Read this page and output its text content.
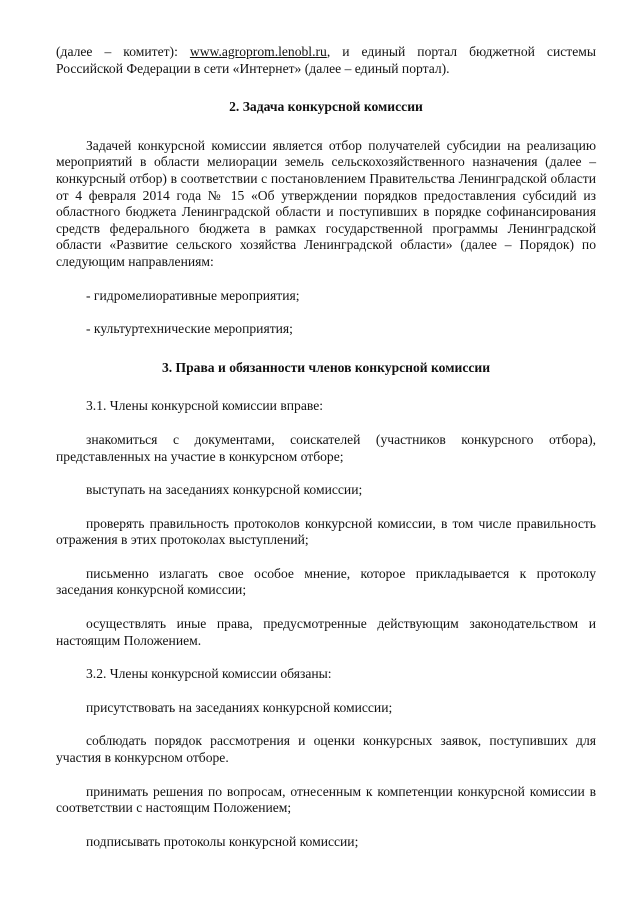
(далее – комитет): www.agroprom.lenobl.ru, и единый портал бюджетной системы Российской Федерации в сети «Интернет» (далее – единый портал).

2. Задача конкурсной комиссии

Задачей конкурсной комиссии является отбор получателей субсидии на реализацию мероприятий в области мелиорации земель сельскохозяйственного назначения (далее – конкурсный отбор) в соответствии с постановлением Правительства Ленинградской области от 4 февраля 2014 года № 15 «Об утверждении порядков предоставления субсидий из областного бюджета Ленинградской области и поступивших в порядке софинансирования средств федерального бюджета в рамках государственной программы Ленинградской области «Развитие сельского хозяйства Ленинградской области» (далее – Порядок) по следующим направлениям:

- гидромелиоративные мероприятия;

- культуртехнические мероприятия;

3. Права и обязанности членов конкурсной комиссии

3.1. Члены конкурсной комиссии вправе:

знакомиться с документами, соискателей (участников конкурсного отбора), представленных на участие в конкурсном отборе;

выступать на заседаниях конкурсной комиссии;

проверять правильность протоколов конкурсной комиссии, в том числе правильность отражения в этих протоколах выступлений;

письменно излагать свое особое мнение, которое прикладывается к протоколу заседания конкурсной комиссии;

осуществлять иные права, предусмотренные действующим законодательством и настоящим Положением.

3.2. Члены конкурсной комиссии обязаны:

присутствовать на заседаниях конкурсной комиссии;

соблюдать порядок рассмотрения и оценки конкурсных заявок, поступивших для участия в конкурсном отборе.

принимать решения по вопросам, отнесенным к компетенции конкурсной комиссии в соответствии с настоящим Положением;

подписывать протоколы конкурсной комиссии;
